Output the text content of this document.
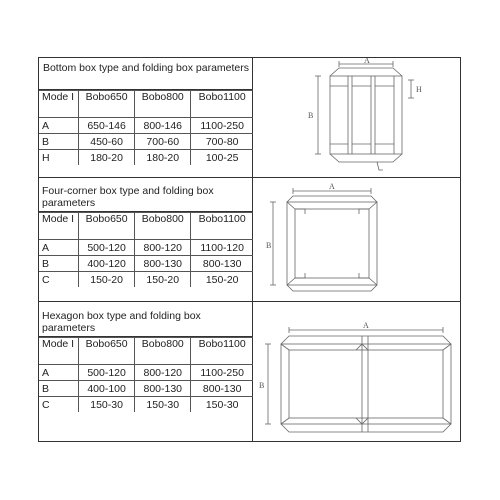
Bottom box type and folding box parameters
Mode I	Bobo650	Bobo800	Bobo1100
A	650-146	800-146	1100-250
B	450-60	700-60	700-80
H	180-20	180-20	100-25
A
B
H
Four-corner box type and folding box parameters
Mode I	Bobo650	Bobo800	Bobo1100
A	500-120	800-120	1100-120
B	400-120	800-130	800-130
C	150-20	150-20	150-20
A
B
Hexagon box type and folding box parameters
Mode I	Bobo650	Bobo800	Bobo1100
A	500-120	800-120	1100-250
B	400-100	800-130	800-130
C	150-30	150-30	150-30
A
B
